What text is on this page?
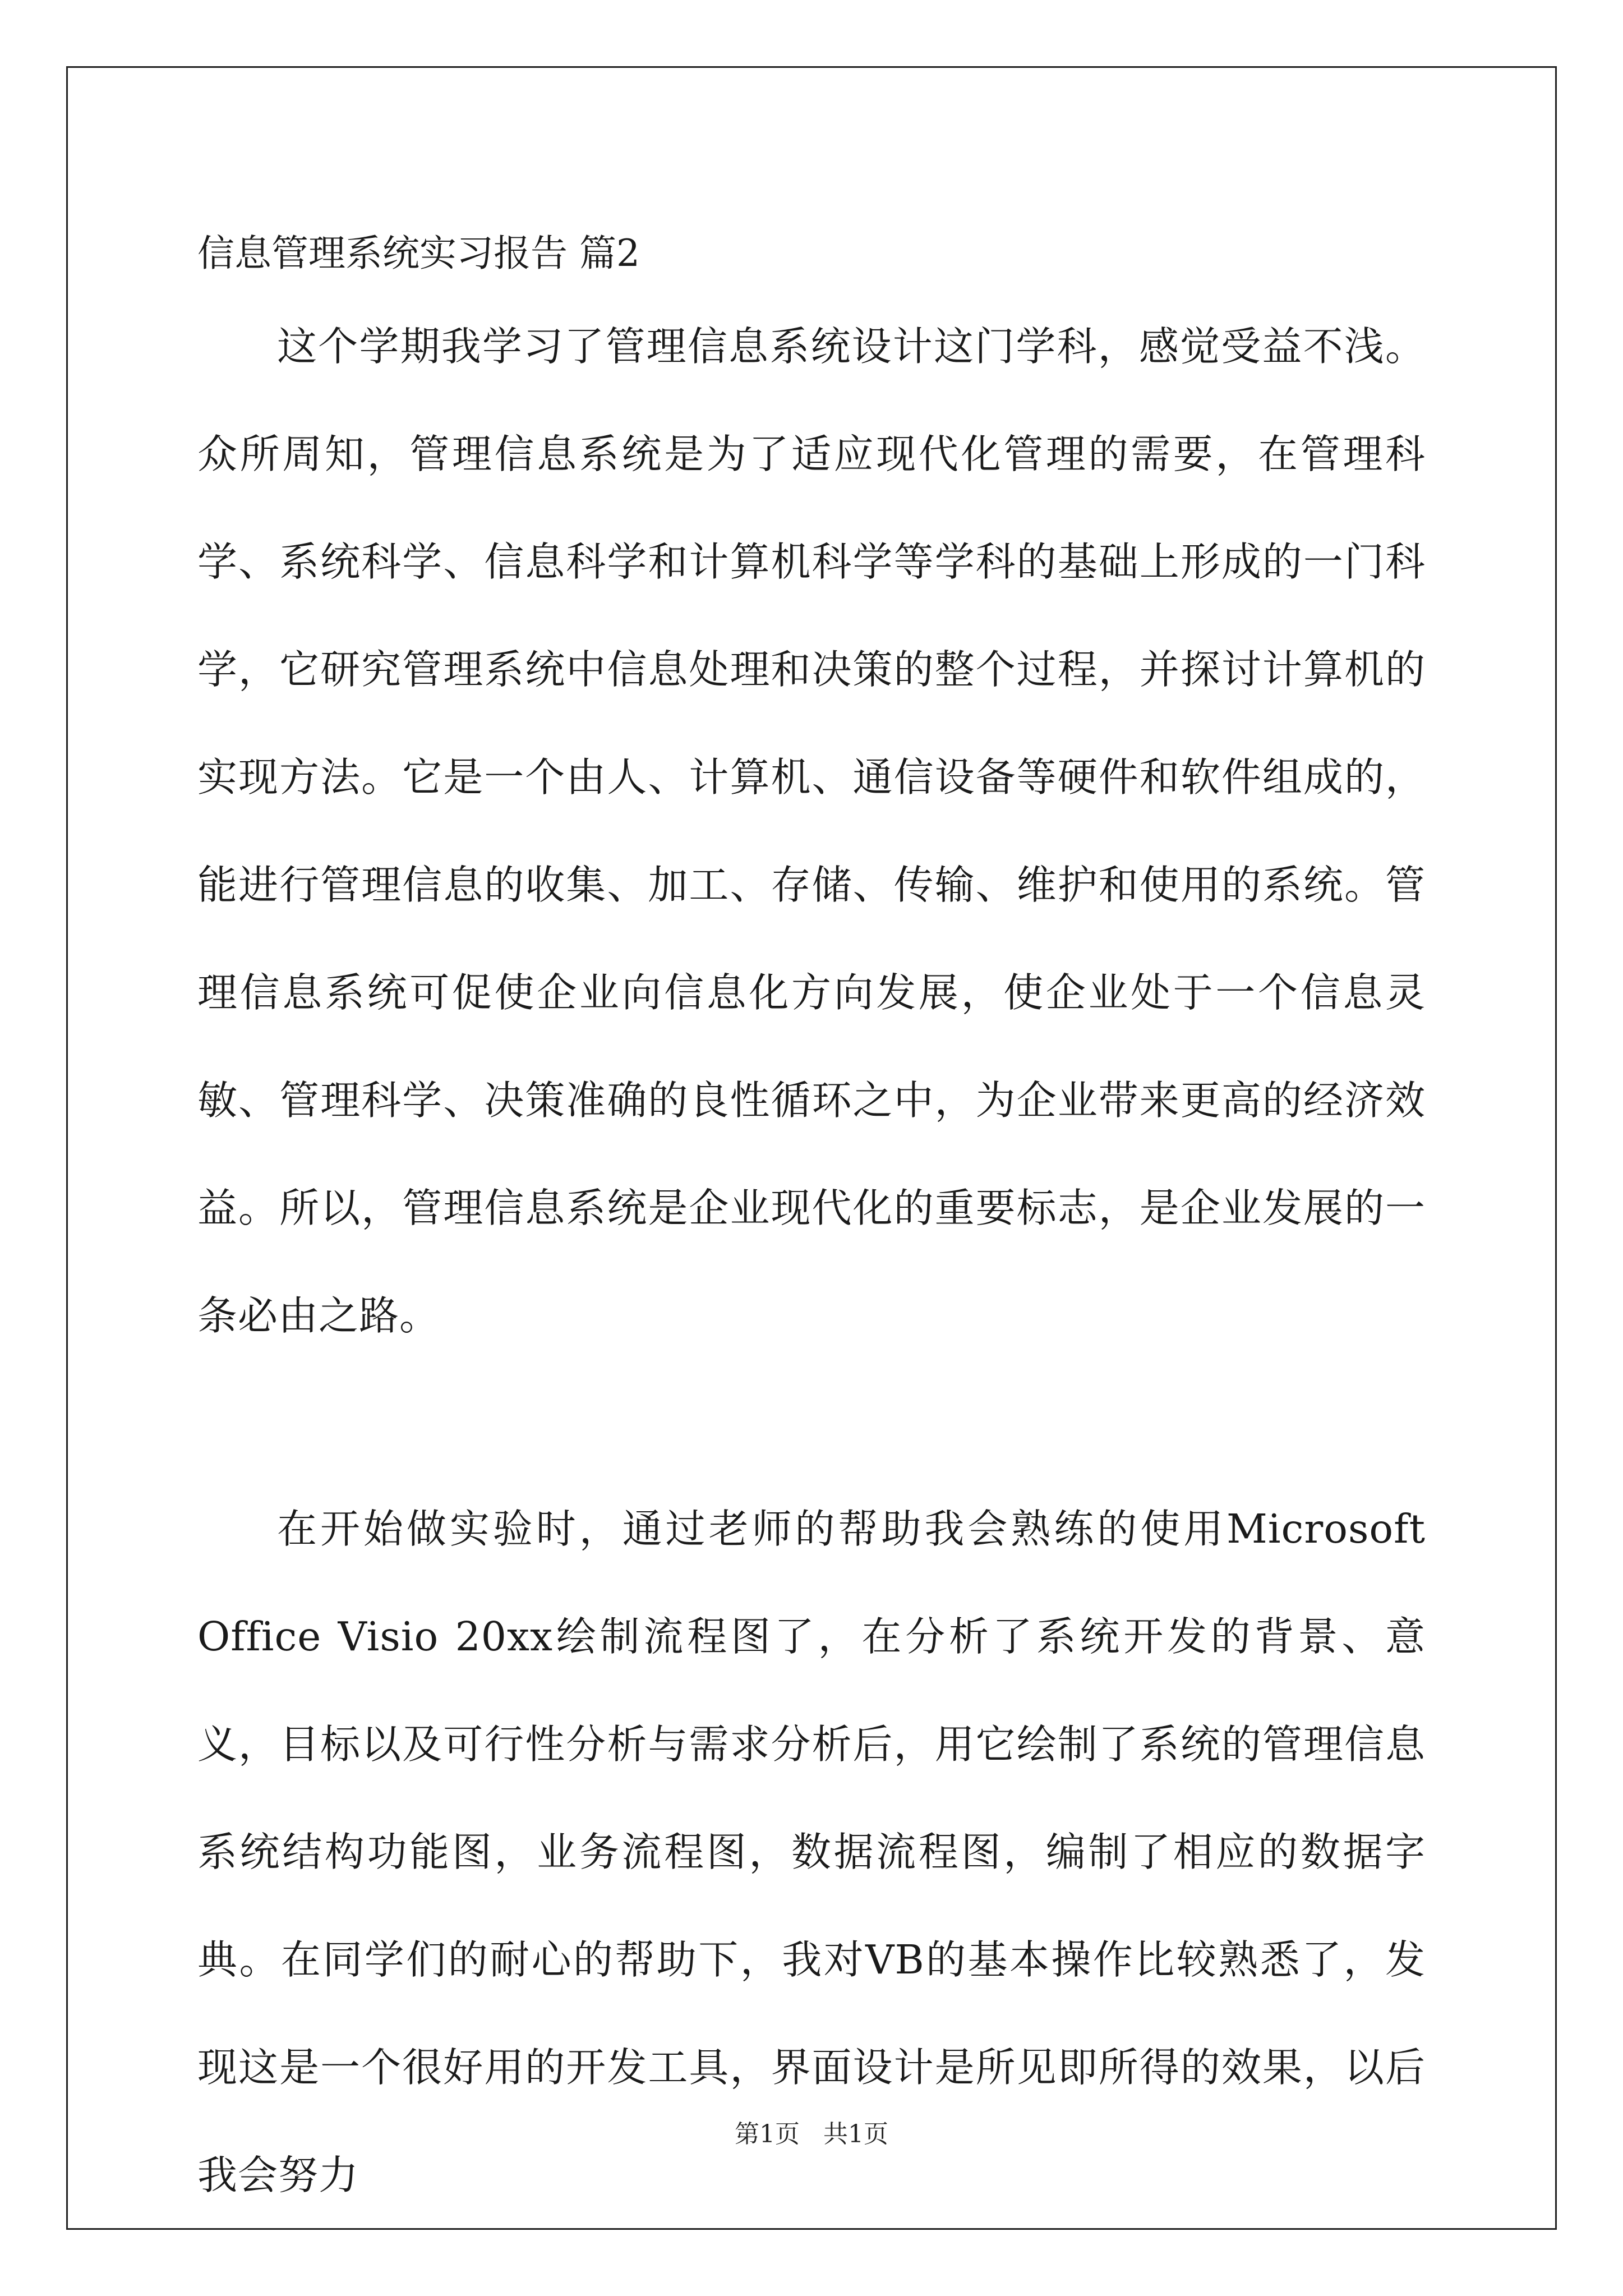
信息管理系统实习报告 篇2

这个学期我学习了管理信息系统设计这门学科，感觉受益不浅。众所周知，管理信息系统是为了适应现代化管理的需要，在管理科学、系统科学、信息科学和计算机科学等学科的基础上形成的一门科学，它研究管理系统中信息处理和决策的整个过程，并探讨计算机的实现方法。它是一个由人、计算机、通信设备等硬件和软件组成的，能进行管理信息的收集、加工、存储、传输、维护和使用的系统。管理信息系统可促使企业向信息化方向发展，使企业处于一个信息灵敏、管理科学、决策准确的良性循环之中，为企业带来更高的经济效益。所以，管理信息系统是企业现代化的重要标志，是企业发展的一条必由之路。

在开始做实验时，通过老师的帮助我会熟练的使用Microsoft Office Visio 20xx绘制流程图了，在分析了系统开发的背景、意义，目标以及可行性分析与需求分析后，用它绘制了系统的管理信息系统结构功能图，业务流程图，数据流程图，编制了相应的数据字典。在同学们的耐心的帮助下，我对VB的基本操作比较熟悉了，发现这是一个很好用的开发工具，界面设计是所见即所得的效果，以后我会努力

第1页   共1页
